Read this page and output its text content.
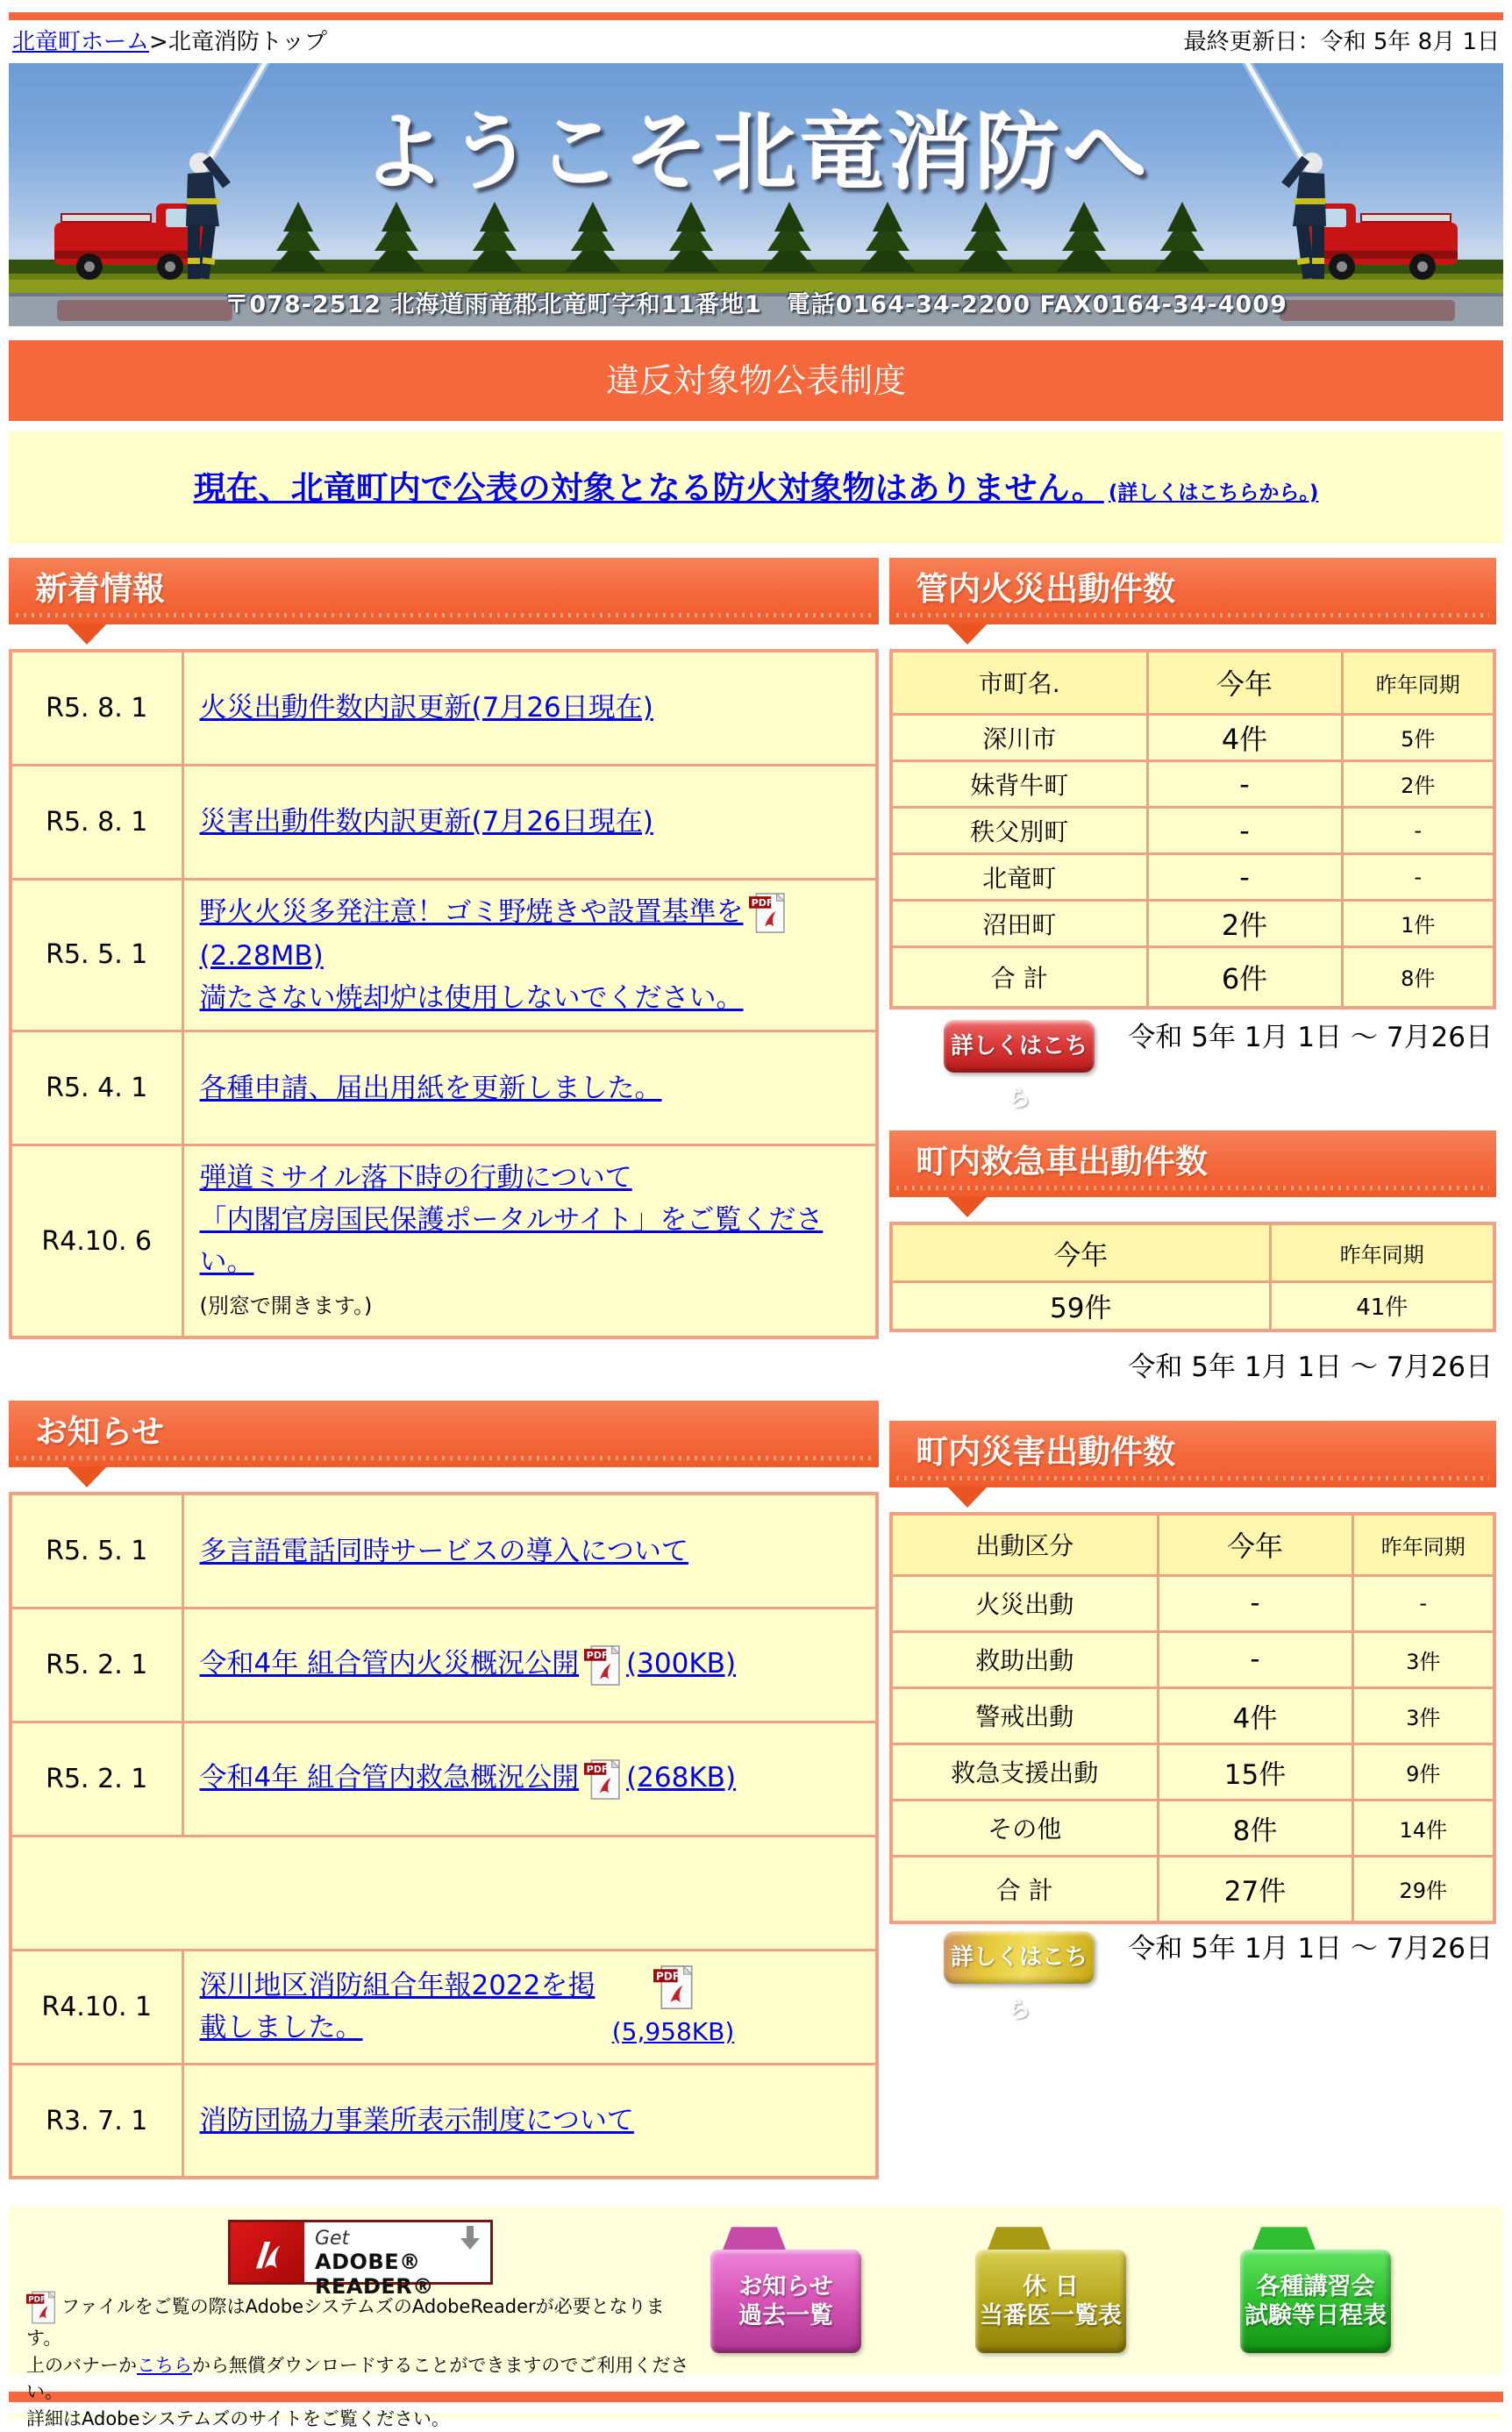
北竜町ホーム>北竜消防トップ	最終更新日：令和 5年 8月 1日
ようこそ北竜消防へ
〒078-2512 北海道雨竜郡北竜町字和11番地1　電話0164-34-2200 FAX0164-34-4009
違反対象物公表制度
現在、北竜町内で公表の対象となる防火対象物はありません。 (詳しくはこちらから。)
新着情報
R5. 8. 1	火災出動件数内訳更新(7月26日現在)
R5. 8. 1	災害出動件数内訳更新(7月26日現在)
R5. 5. 1	野火火災多発注意！ゴミ野焼きや設置基準を(2.28MB)
満たさない焼却炉は使用しないでください。
R5. 4. 1	各種申請、届出用紙を更新しました。
R4.10. 6	弾道ミサイル落下時の行動について
「内閣官房国民保護ポータルサイト」をご覧ください。
(別窓で開きます。)
お知らせ
R5. 5. 1	多言語電話同時サービスの導入について
R5. 2. 1	令和4年 組合管内火災概況公開 (300KB)
R5. 2. 1	令和4年 組合管内救急概況公開 (268KB)

R4.10. 1	深川地区消防組合年報2022を掲載しました。 (5,958KB)

R3. 7. 1	消防団協力事業所表示制度について
管内火災出動件数
市町名.	今年	昨年同期
深川市	4件	5件
妹背牛町	-	2件
秩父別町	-	-
北竜町	-	-
沼田町	2件	1件
合 計	6件	8件
詳しくはこちら
令和 5年 1月 1日 ～ 7月26日
町内救急車出動件数
今年	昨年同期
59件	41件
令和 5年 1月 1日 ～ 7月26日
町内災害出動件数
出動区分	今年	昨年同期
火災出動	-	-
救助出動	-	3件
警戒出動	4件	3件
救急支援出動	15件	9件
その他	8件	14件
合 計	27件	29件
詳しくはこちら
令和 5年 1月 1日 ～ 7月26日
Get
ADOBE® READER®
ファイルをご覧の際はAdobeシステムズのAdobeReaderが必要となります。
上のバナーかこちらから無償ダウンロードすることができますのでご利用ください。
詳細はAdobeシステムズのサイトをご覧ください。
お知らせ
過去一覧
休 日
当番医一覧表
各種講習会
試験等日程表
